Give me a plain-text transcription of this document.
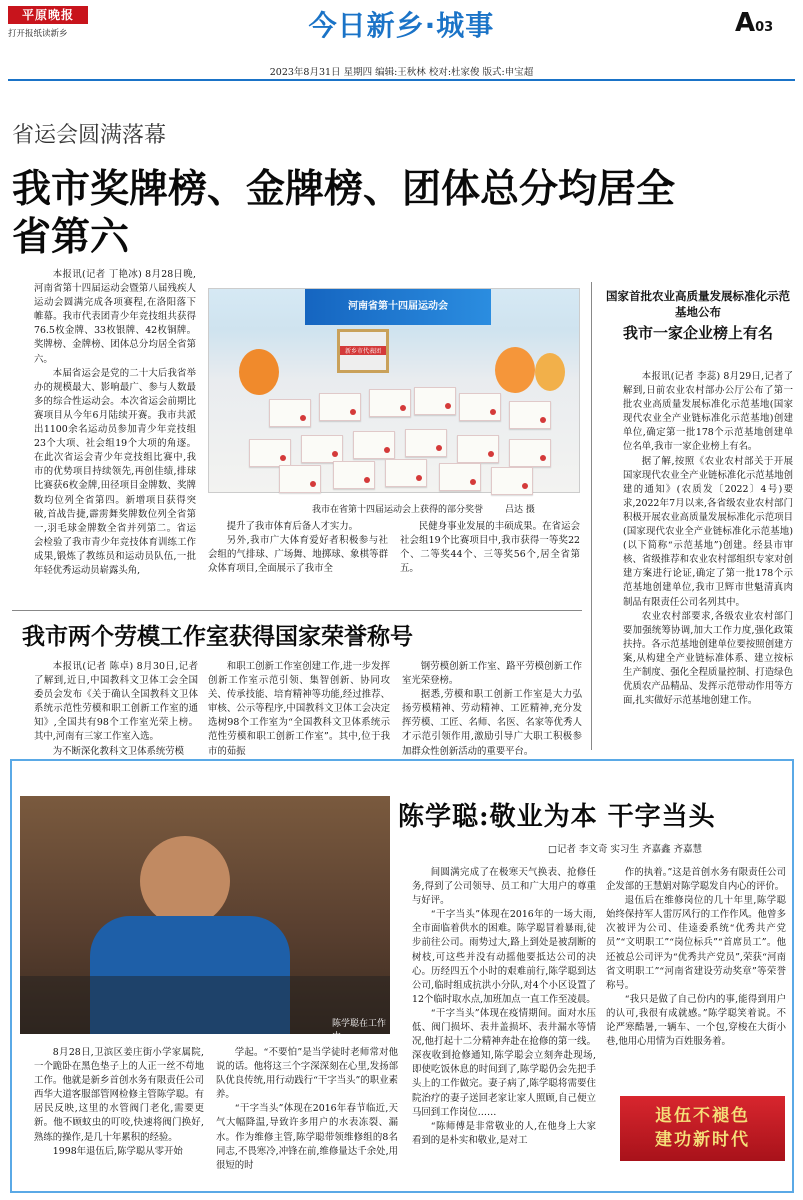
平原晚报
打开报纸读新乡	今日新乡·城事	A03
2023年8月31日 星期四 编辑:王秋林 校对:杜家俊 版式:申宝超
省运会圆满落幕
我市奖牌榜、金牌榜、团体总分均居全省第六

本报讯(记者 丁艳冰) 8月28日晚,河南省第十四届运动会暨第八届残疾人运动会圆满完成各项赛程,在洛阳落下帷幕。我市代表团青少年竞技组共获得76.5枚金牌、33枚银牌、42枚铜牌。奖牌榜、金牌榜、团体总分均居全省第六。

本届省运会是党的二十大后我省举办的规模最大、影响最广、参与人数最多的综合性运动会。本次省运会前期比赛项目从今年6月陆续开赛。我市共派出1100余名运动员参加青少年竞技组23个大项、社会组19个大项的角逐。在此次省运会青少年竞技组比赛中,我市的优势项目持续领先,再创佳绩,排球比赛获6枚金牌,田径项目金牌数、奖牌数均位列全省第四。新增项目获得突破,首战告捷,霹雳舞奖牌数位列全省第一,羽毛球金牌数全省并列第二。省运会检验了我市青少年竞技体育训练工作成果,锻炼了教练员和运动员队伍,一批年轻优秀运动员崭露头角,

河南省第十四届运动会
新乡市代表团
我市在省第十四届运动会上获得的部分奖誉 吕达 摄

提升了我市体育后备人才实力。

另外,我市广大体育爱好者积极参与社会组的气排球、广场舞、地掷球、象棋等群众体育项目,全面展示了我市全

民健身事业发展的丰硕成果。在省运会社会组19个比赛项目中,我市获得一等奖22个、二等奖44个、三等奖56个,居全省第五。

国家首批农业高质量发展标准化示范基地公布
我市一家企业榜上有名

本报讯(记者 李蕊) 8月29日,记者了解到,日前农业农村部办公厅公布了第一批农业高质量发展标准化示范基地(国家现代农业全产业链标准化示范基地)创建单位,确定第一批178个示范基地创建单位名单,我市一家企业榜上有名。

据了解,按照《农业农村部关于开展国家现代农业全产业链标准化示范基地创建的通知》(农质发〔2022〕4号)要求,2022年7月以来,各省级农业农村部门积极开展农业高质量发展标准化示范项目(国家现代农业全产业链标准化示范基地)(以下简称“示范基地”)创建。经县市审核、省级推荐和农业农村部组织专家对创建方案进行论证,确定了第一批178个示范基地创建单位,我市卫辉市世魁清真肉制品有限责任公司名列其中。

农业农村部要求,各级农业农村部门要加强统筹协调,加大工作力度,强化政策扶持。各示范基地创建单位要按照创建方案,从构建全产业链标准体系、建立按标生产制度、强化全程质量控制、打造绿色优质农产品精品、发挥示范带动作用等方面,扎实做好示范基地创建工作。

我市两个劳模工作室获得国家荣誉称号

本报讯(记者 陈卓) 8月30日,记者了解到,近日,中国教科文卫体工会全国委员会发布《关于确认全国教科文卫体系统示范性劳模和职工创新工作室的通知》,全国共有98个工作室光荣上榜。其中,河南有三家工作室入选。

为不断深化教科文卫体系统劳模

和职工创新工作室创建工作,进一步发挥创新工作室示范引领、集智创新、协同攻关、传承技能、培育精神等功能,经过推荐、审核、公示等程序,中国教科文卫体工会决定选树98个工作室为“全国教科文卫体系统示范性劳模和职工创新工作室”。其中,位于我市的茹振

钢劳模创新工作室、路平劳模创新工作室光荣登榜。

据悉,劳模和职工创新工作室是大力弘扬劳模精神、劳动精神、工匠精神,充分发挥劳模、工匠、名师、名医、名家等优秀人才示范引领作用,激励引导广大职工积极参加群众性创新活动的重要平台。

陈学聪在工作中
陈学聪:敬业为本 干字当头
□记者 李文奇 实习生 齐嘉鑫 齐嘉慧

间圆满完成了在极寒天气换表、抢修任务,得到了公司领导、员工和广大用户的尊重与好评。

“干字当头”体现在2016年的一场大雨,全市面临着供水的困难。陈学聪冒着暴雨,徒步前往公司。雨势过大,路上到处是被刮断的树枝,可这些并没有动摇他要抵达公司的决心。历经四五个小时的艰难前行,陈学聪到达公司,临时组成抗洪小分队,对4个小区设置了12个临时取水点,加班加点一直工作至凌晨。

“干字当头”体现在疫情期间。面对水压低、阀门损坏、表井盖损坏、表井漏水等情况,他打起十二分精神奔赴在抢修的第一线。深夜收到抢修通知,陈学聪会立刻奔赴现场,即使吃饭休息的时间到了,陈学聪仍会先把手头上的工作做完。妻子病了,陈学聪将需要住院治疗的妻子送回老家让家人照顾,自己便立马回到工作岗位……

“陈师傅是非常敬业的人,在他身上大家看到的是朴实和敬业,是对工

作的执着。”这是首创水务有限责任公司企发部的王慧娟对陈学聪发自内心的评价。

退伍后在维修岗位的几十年里,陈学聪始终保持军人雷厉风行的工作作风。他曾多次被评为公司、佳逵委系统“优秀共产党员”“文明职工”“岗位标兵”“首席员工”。他还被总公司评为“优秀共产党员”,荣获“河南省文明职工”“河南省建设劳动奖章”等荣誉称号。

“我只是做了自己份内的事,能得到用户的认可,我很有成就感。”陈学聪笑着说。不论严寒酷暑,一辆车、一个包,穿梭在大街小巷,他用心用情为百姓服务着。

8月28日,卫滨区姜庄街小学家属院,一个跪卧在黑色垫子上的人正一丝不苟地工作。他就是新乡首创水务有限责任公司西华大道客服部管网检修主管陈学聪。有居民反映,这里的水管阀门老化,需要更新。他不顾蚊虫的叮咬,快速将阀门换好,熟练的操作,是几十年累积的经验。

1998年退伍后,陈学聪从零开始

学起。“不要怕”是当学徒时老师常对他说的话。他将这三个字深深刻在心里,发扬部队优良传统,用行动践行“干字当头”的职业素养。

“干字当头”体现在2016年春节临近,天气大幅降温,导致许多用户的水表冻裂、漏水。作为维修主管,陈学聪带领维修组的8名同志,不畏寒冷,冲锋在前,维修量达千余处,用很短的时

退伍不褪色
建功新时代
